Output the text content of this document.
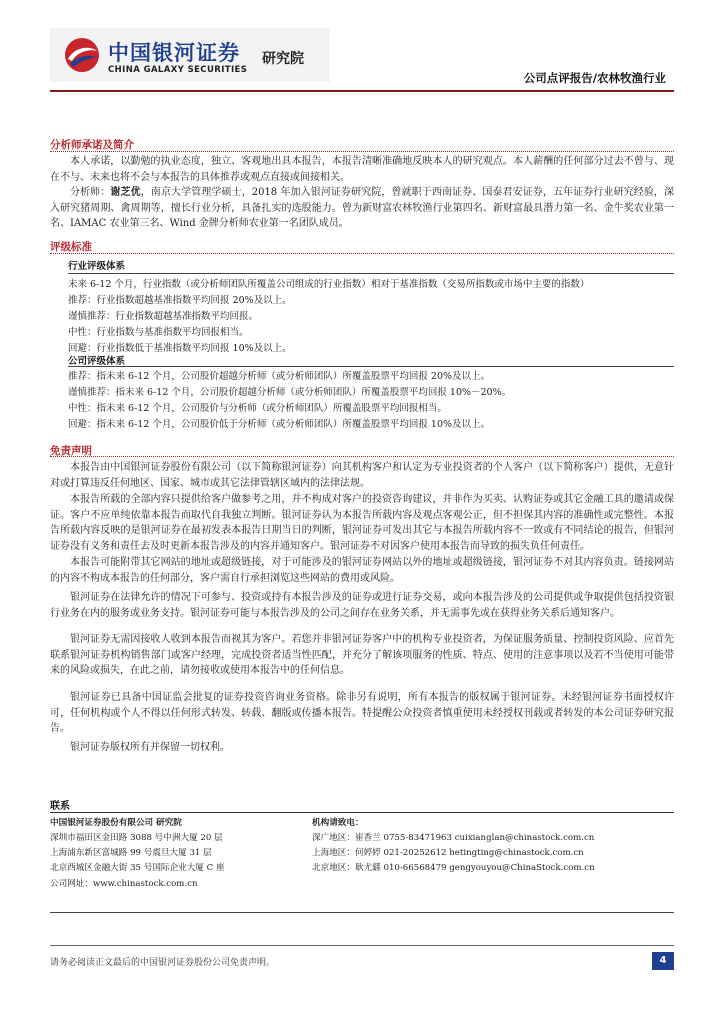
中国银河证券
CHINA GALAXY SECURITIES
研究院
公司点评报告/农林牧渔行业
分析师承诺及简介
本人承诺，以勤勉的执业态度，独立、客观地出具本报告，本报告清晰准确地反映本人的研究观点。本人薪酬的任何部分过去不曾与、现在不与、未来也将不会与本报告的具体推荐或观点直接或间接相关。
分析师：谢芝优，南京大学管理学硕士，2018 年加入银河证券研究院，曾就职于西南证券、国泰君安证券，五年证券行业研究经验，深入研究猪周期、禽周期等，擅长行业分析，具备扎实的选股能力。曾为新财富农林牧渔行业第四名、新财富最具潜力第一名、金牛奖农业第一名、IAMAC 农业第三名、Wind 金牌分析师农业第一名团队成员。
评级标准
行业评级体系
未来 6-12 个月，行业指数（或分析师团队所覆盖公司组成的行业指数）相对于基准指数（交易所指数或市场中主要的指数）
推荐：行业指数超越基准指数平均回报 20%及以上。
谨慎推荐：行业指数超越基准指数平均回报。
中性：行业指数与基准指数平均回报相当。
回避：行业指数低于基准指数平均回报 10%及以上。
公司评级体系
推荐：指未来 6-12 个月，公司股价超越分析师（或分析师团队）所覆盖股票平均回报 20%及以上。
谨慎推荐：指未来 6-12 个月，公司股价超越分析师（或分析师团队）所覆盖股票平均回报 10%－20%。
中性：指未来 6-12 个月，公司股价与分析师（或分析师团队）所覆盖股票平均回报相当。
回避：指未来 6-12 个月，公司股价低于分析师（或分析师团队）所覆盖股票平均回报 10%及以上。
免责声明
本报告由中国银河证券股份有限公司（以下简称银河证券）向其机构客户和认定为专业投资者的个人客户（以下简称客户）提供，无意针对或打算违反任何地区、国家、城市或其它法律管辖区域内的法律法规。
本报告所载的全部内容只提供给客户做参考之用，并不构成对客户的投资咨询建议，并非作为买卖、认购证券或其它金融工具的邀请或保证。客户不应单纯依靠本报告而取代自我独立判断。银河证券认为本报告所载内容及观点客观公正，但不担保其内容的准确性或完整性。本报告所载内容反映的是银河证券在最初发表本报告日期当日的判断，银河证券可发出其它与本报告所载内容不一致或有不同结论的报告，但银河证券没有义务和责任去及时更新本报告涉及的内容并通知客户。银河证券不对因客户使用本报告而导致的损失负任何责任。
本报告可能附带其它网站的地址或超级链接，对于可能涉及的银河证券网站以外的地址或超级链接，银河证券不对其内容负责。链接网站的内容不构成本报告的任何部分，客户需自行承担浏览这些网站的费用或风险。
银河证券在法律允许的情况下可参与、投资或持有本报告涉及的证券或进行证券交易，或向本报告涉及的公司提供或争取提供包括投资银行业务在内的服务或业务支持。银河证券可能与本报告涉及的公司之间存在业务关系，并无需事先或在获得业务关系后通知客户。
银河证券无需因接收人收到本报告而视其为客户。若您并非银河证券客户中的机构专业投资者，为保证服务质量、控制投资风险、应首先联系银河证券机构销售部门或客户经理，完成投资者适当性匹配，并充分了解该项服务的性质、特点、使用的注意事项以及若不当使用可能带来的风险或损失，在此之前，请勿接收或使用本报告中的任何信息。
银河证券已具备中国证监会批复的证券投资咨询业务资格。除非另有说明，所有本报告的版权属于银河证券。未经银河证券书面授权许可，任何机构或个人不得以任何形式转发、转载、翻版或传播本报告。特提醒公众投资者慎重使用未经授权刊载或者转发的本公司证券研究报告。
银河证券版权所有并保留一切权利。
联系
中国银河证券股份有限公司 研究院
深圳市福田区金田路 3088 号中洲大厦 20 层
上海浦东新区富城路 99 号震旦大厦 31 层
北京西城区金融大街 35 号国际企业大厦 C 座
公司网址：www.chinastock.com.cn
机构请致电：
深广地区：崔香兰 0755-83471963 cuixianglan@chinastock.com.cn
上海地区：何婷婷 021-20252612 hetingting@chinastock.com.cn
北京地区：耿尤繇 010-66568479 gengyouyou@ChinaStock.com.cn
请务必阅读正文最后的中国银河证券股份公司免责声明。	4
